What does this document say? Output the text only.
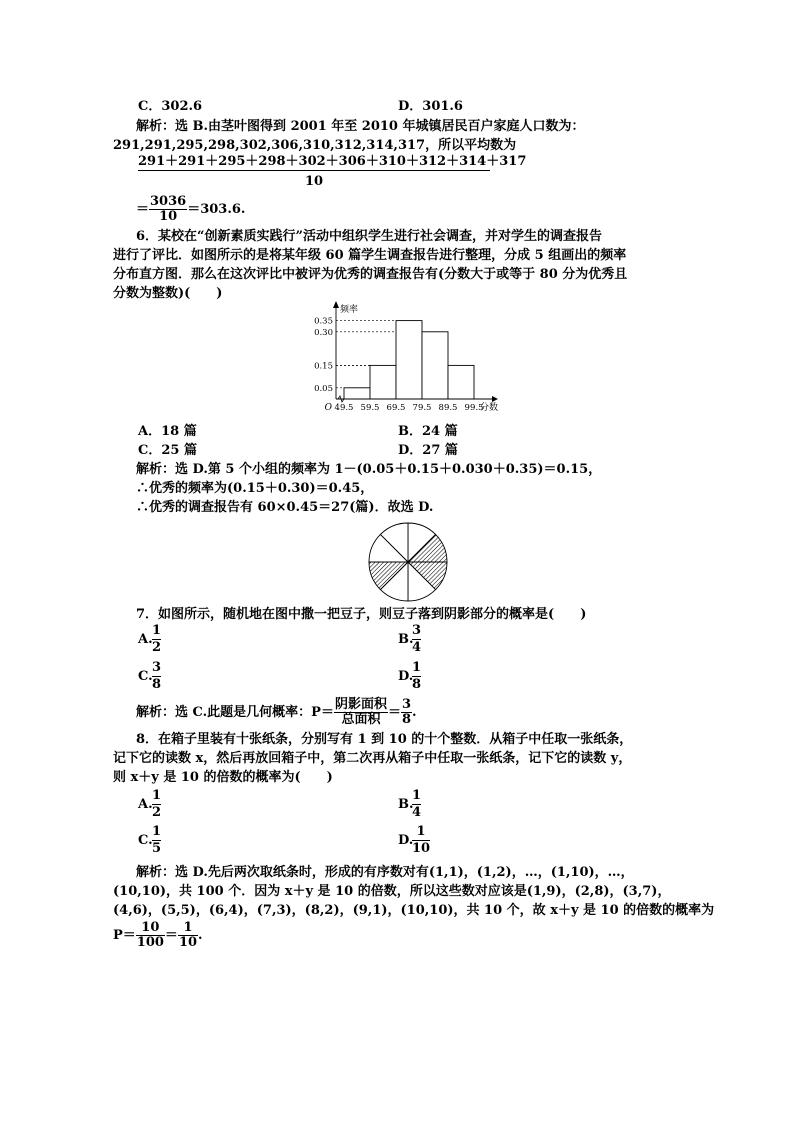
C．302.6	D．301.6
解析：选 B.由茎叶图得到 2001 年至 2010 年城镇居民百户家庭人口数为：
291,291,295,298,302,306,310,312,314,317，所以平均数为
291＋291＋295＋298＋302＋306＋310＋312＋314＋317
10
＝ $\frac{3036}{10} =303.6$.
6．某校在“创新素质实践行”活动中组织学生进行社会调查，并对学生的调查报告
进行了评比．如图所示的是将某年级 60 篇学生调查报告进行整理，分成 5 组画出的频率
分布直方图．那么在这次评比中被评为优秀的调查报告有(分数大于或等于 80 分为优秀且
分数为整数)(　　)
0.05
0.15
0.30
0.35
49.5 59.5 69.5 79.5 89.5 99.5
O
频率
分数
A．18 篇	B．24 篇
C．25 篇	D．27 篇
解析：选 D.第 5 个小组的频率为 1－(0.05＋0.15＋0.030＋0.35)＝0.15，
∴优秀的频率为(0.15＋0.30)＝0.45，
∴优秀的调查报告有 60×0.45＝27(篇)．故选 D.
7．如图所示，随机地在图中撒一把豆子，则豆子落到阴影部分的概率是(　　)
A. $\frac{1}{2}$	B.
$\frac{3}{4}$
C. $\frac{3}{8}$	D.
$\frac{1}{8}$
解析：选 C.此题是几何概率：$P= \frac{\text{阴影面积}}{\text{总面积}} = \frac{3}{8}$ .
8．在箱子里装有十张纸条，分别写有 1 到 10 的十个整数．从箱子中任取一张纸条，
记下它的读数 x，然后再放回箱子中，第二次再从箱子中任取一张纸条，记下它的读数 y，
则 x＋y 是 10 的倍数的概率为(　　)
A. $\frac{1}{2}$	B.
$\frac{1}{4}$
C. $\frac{1}{5}$	D.
$\frac{1}{10}$
解析：选 D.先后两次取纸条时，形成的有序数对有(1,1)，(1,2)，…，(1,10)，…，
(10,10)，共 100 个．因为 x＋y 是 10 的倍数，所以这些数对应该是(1,9)，(2,8)，(3,7)，
(4,6)，(5,5)，(6,4)，(7,3)，(8,2)，(9,1)，(10,10)，共 10 个，故 x＋y 是 10 的倍数的概率为
$P= \frac{10}{100} = \frac{1}{10}$ .
